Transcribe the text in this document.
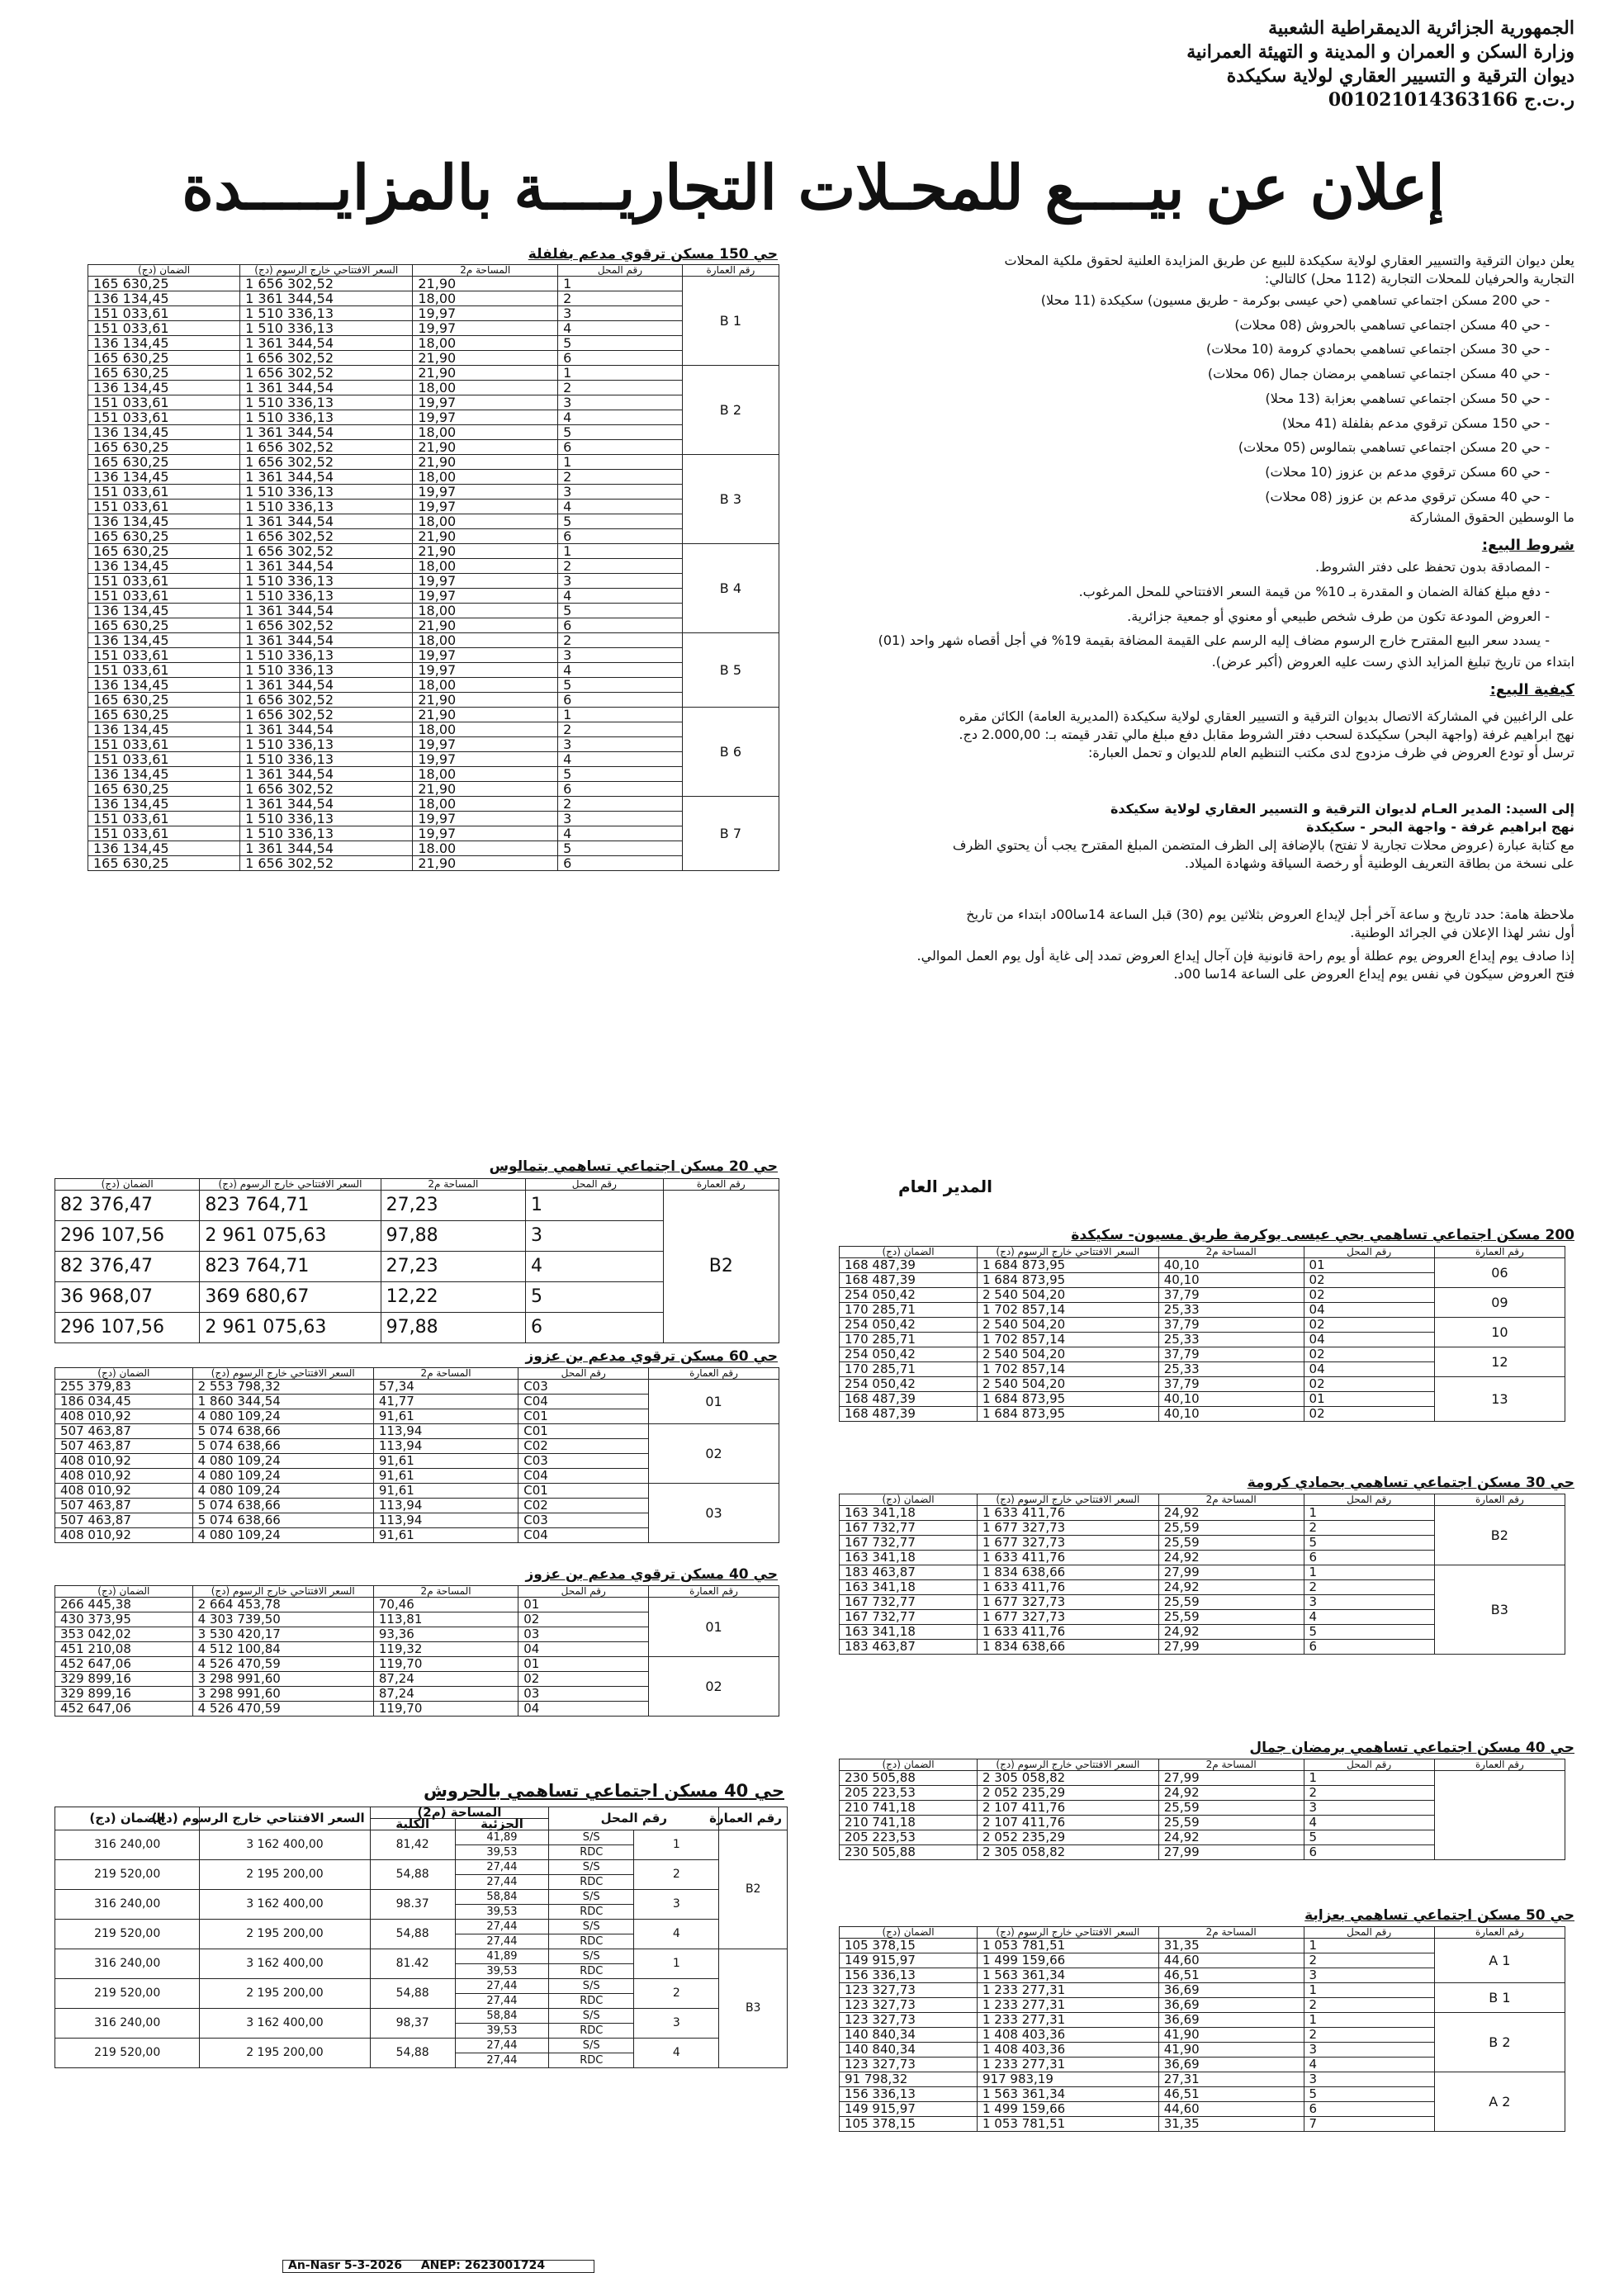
الجمهورية الجزائرية الديمقراطية الشعبية
وزارة السكن و العمران و المدينة و التهيئة العمرانية
ديوان الترقية و التسيير العقاري لولاية سكيكدة
ر.ت.ج 001021014363166
إعلان عن بيــــع للمحـلات التجاريــــة بالمزايـــــدة

يعلن ديوان الترقية والتسيير العقاري لولاية سكيكدة للبيع عن طريق المزايدة العلنية لحقوق ملكية المحلات

التجارية والحرفيان للمحلات التجارية (112 محل) كالتالي:

- حي 200 مسكن اجتماعي تساهمي (حي عيسى بوكرمة - طريق مسيون) سكيكدة (11 محلا)
- حي 40 مسكن اجتماعي تساهمي بالحروش (08 محلات)
- حي 30 مسكن اجتماعي تساهمي بحمادي كرومة (10 محلات)
- حي 40 مسكن اجتماعي تساهمي برمضان جمال (06 محلات)
- حي 50 مسكن اجتماعي تساهمي بعزابة (13 محلا)
- حي 150 مسكن ترقوي مدعم بفلفلة (41 محلا)
- حي 20 مسكن اجتماعي تساهمي بتمالوس (05 محلات)
- حي 60 مسكن ترقوي مدعم بن عزوز (10 محلات)
- حي 40 مسكن ترقوي مدعم بن عزوز (08 محلات)

ما الوسطين الحقوق المشاركة

شروط البيع:
- المصادقة بدون تحفظ على دفتر الشروط.
- دفع مبلغ كفالة الضمان و المقدرة بـ 10% من قيمة السعر الافتتاحي للمحل المرغوب.
- العروض المودعة تكون من طرف شخص طبيعي أو معنوي أو جمعية جزائرية.
- يسدد سعر البيع المقترح خارج الرسوم مضاف إليه الرسم على القيمة المضافة بقيمة 19% في أجل أقصاه شهر واحد (01)

ابتداء من تاريخ تبليغ المزايد الذي رست عليه العروض (أكبر عرض).

كيفية البيع:

على الراغبين في المشاركة الاتصال بديوان الترقية و التسيير العقاري لولاية سكيكدة (المديرية العامة) الكائن مقره

نهج ابراهيم غرفة (واجهة البحر) سكيكدة لسحب دفتر الشروط مقابل دفع مبلغ مالي تقدر قيمته بـ: 2.000,00 دج.

ترسل أو تودع العروض في ظرف مزدوج لدى مكتب التنظيم العام للديوان و تحمل العبارة:

إلى السيد: المدير العـام لديوان الترقية و التسيير العقاري لولاية سكيكدة

نهج ابراهيم غرفة - واجهة البحر - سكيكدة

مع كتابة عبارة (عروض محلات تجارية لا تفتح) بالإضافة إلى الظرف المتضمن المبلغ المقترح يجب أن يحتوي الظرف

على نسخة من بطاقة التعريف الوطنية أو رخصة السياقة وشهادة الميلاد.

ملاحظة هامة: حدد تاريخ و ساعة آخر أجل لإيداع العروض بثلاثين يوم (30) قبل الساعة 14سا00د ابتداء من تاريخ

أول نشر لهذا الإعلان في الجرائد الوطنية.

إذا صادف يوم إيداع العروض يوم عطلة أو يوم راحة قانونية فإن آجال إيداع العروض تمدد إلى غاية أول يوم العمل الموالي.

فتح العروض سيكون في نفس يوم إيداع العروض على الساعة 14سا 00د.

المدير العام
حي 150 مسكن ترقوي مدعم بفلفلة
الضمان (دج)	السعر الافتتاحي خارج الرسوم (دج)	المساحة م2	رقم المحل	رقم العمارة
165 630,25	1 656 302,52	21,90	1	B 1
136 134,45	1 361 344,54	18,00	2	
151 033,61	1 510 336,13	19,97	3	
151 033,61	1 510 336,13	19,97	4	
136 134,45	1 361 344,54	18,00	5	
165 630,25	1 656 302,52	21,90	6	
165 630,25	1 656 302,52	21,90	1	B 2
136 134,45	1 361 344,54	18,00	2	
151 033,61	1 510 336,13	19,97	3	
151 033,61	1 510 336,13	19,97	4	
136 134,45	1 361 344,54	18,00	5	
165 630,25	1 656 302,52	21,90	6	
165 630,25	1 656 302,52	21,90	1	B 3
136 134,45	1 361 344,54	18,00	2	
151 033,61	1 510 336,13	19,97	3	
151 033,61	1 510 336,13	19,97	4	
136 134,45	1 361 344,54	18,00	5	
165 630,25	1 656 302,52	21,90	6	
165 630,25	1 656 302,52	21,90	1	B 4
136 134,45	1 361 344,54	18,00	2	
151 033,61	1 510 336,13	19,97	3	
151 033,61	1 510 336,13	19,97	4	
136 134,45	1 361 344,54	18,00	5	
165 630,25	1 656 302,52	21,90	6	
136 134,45	1 361 344,54	18,00	2	B 5
151 033,61	1 510 336,13	19,97	3	
151 033,61	1 510 336,13	19,97	4	
136 134,45	1 361 344,54	18,00	5	
165 630,25	1 656 302,52	21,90	6	
165 630,25	1 656 302,52	21,90	1	B 6
136 134,45	1 361 344,54	18,00	2	
151 033,61	1 510 336,13	19,97	3	
151 033,61	1 510 336,13	19,97	4	
136 134,45	1 361 344,54	18,00	5	
165 630,25	1 656 302,52	21,90	6	
136 134,45	1 361 344,54	18,00	2	B 7
151 033,61	1 510 336,13	19,97	3	
151 033,61	1 510 336,13	19,97	4	
136 134,45	1 361 344,54	18.00	5	
165 630,25	1 656 302,52	21,90	6	
حي 20 مسكن اجتماعي تساهمي بتمالوس
الضمان (دج)	السعر الافتتاحي خارج الرسوم (دج)	المساحة م2	رقم المحل	رقم العمارة
82 376,47	823 764,71	27,23	1	B2
296 107,56	2 961 075,63	97,88	3	
82 376,47	823 764,71	27,23	4	
36 968,07	369 680,67	12,22	5	
296 107,56	2 961 075,63	97,88	6	
حي 60 مسكن ترقوي مدعم بن عزوز
الضمان (دج)	السعر الافتتاحي خارج الرسوم (دج)	المساحة م2	رقم المحل	رقم العمارة
255 379,83	2 553 798,32	57,34	C03	01
186 034,45	1 860 344,54	41,77	C04	
408 010,92	4 080 109,24	91,61	C01	
507 463,87	5 074 638,66	113,94	C01	02
507 463,87	5 074 638,66	113,94	C02	
408 010,92	4 080 109,24	91,61	C03	
408 010,92	4 080 109,24	91,61	C04	
408 010,92	4 080 109,24	91,61	C01	03
507 463,87	5 074 638,66	113,94	C02	
507 463,87	5 074 638,66	113,94	C03	
408 010,92	4 080 109,24	91,61	C04	
حي 40 مسكن ترقوي مدعم بن عزوز
الضمان (دج)	السعر الافتتاحي خارج الرسوم (دج)	المساحة م2	رقم المحل	رقم العمارة
266 445,38	2 664 453,78	70,46	01	01
430 373,95	4 303 739,50	113,81	02	
353 042,02	3 530 420,17	93,36	03	
451 210,08	4 512 100,84	119,32	04	
452 647,06	4 526 470,59	119,70	01	02
329 899,16	3 298 991,60	87,24	02	
329 899,16	3 298 991,60	87,24	03	
452 647,06	4 526 470,59	119,70	04	
حي 40 مسكن اجتماعي تساهمي بالحروش
الضمان (دج)	السعر الافتتاحي خارج الرسوم (دج)	المساحة (م2)		رقم المحل		رقم العمارة
		الكلية	الجزئية			
316 240,00	3 162 400,00	81,42	41,89	S/S	1	B2
			39,53	RDC		
219 520,00	2 195 200,00	54,88	27,44	S/S	2	
			27,44	RDC		
316 240,00	3 162 400,00	98.37	58,84	S/S	3	
			39,53	RDC		
219 520,00	2 195 200,00	54,88	27,44	S/S	4	
			27,44	RDC		
316 240,00	3 162 400,00	81.42	41,89	S/S	1	B3
			39,53	RDC		
219 520,00	2 195 200,00	54,88	27,44	S/S	2	
			27,44	RDC		
316 240,00	3 162 400,00	98,37	58,84	S/S	3	
			39,53	RDC		
219 520,00	2 195 200,00	54,88	27,44	S/S	4	
			27,44	RDC		
200 مسكن اجتماعي تساهمي بحي عيسى بوكرمة طريق مسيون- سكيكدة
الضمان (دج)	السعر الافتتاحي خارج الرسوم (دج)	المساحة م2	رقم المحل	رقم العمارة
168 487,39	1 684 873,95	40,10	01	06
168 487,39	1 684 873,95	40,10	02	
254 050,42	2 540 504,20	37,79	02	09
170 285,71	1 702 857,14	25,33	04	
254 050,42	2 540 504,20	37,79	02	10
170 285,71	1 702 857,14	25,33	04	
254 050,42	2 540 504,20	37,79	02	12
170 285,71	1 702 857,14	25,33	04	
254 050,42	2 540 504,20	37,79	02	13
168 487,39	1 684 873,95	40,10	01	
168 487,39	1 684 873,95	40,10	02	
حي 30 مسكن اجتماعي تساهمي بحمادي كرومة
الضمان (دج)	السعر الافتتاحي خارج الرسوم (دج)	المساحة م2	رقم المحل	رقم العمارة
163 341,18	1 633 411,76	24,92	1	B2
167 732,77	1 677 327,73	25,59	2	
167 732,77	1 677 327,73	25,59	5	
163 341,18	1 633 411,76	24,92	6	
183 463,87	1 834 638,66	27,99	1	B3
163 341,18	1 633 411,76	24,92	2	
167 732,77	1 677 327,73	25,59	3	
167 732,77	1 677 327,73	25,59	4	
163 341,18	1 633 411,76	24,92	5	
183 463,87	1 834 638,66	27,99	6	
حي 40 مسكن اجتماعي تساهمي برمضان جمال
الضمان (دج)	السعر الافتتاحي خارج الرسوم (دج)	المساحة م2	رقم المحل	رقم العمارة
230 505,88	2 305 058,82	27,99	1	
205 223,53	2 052 235,29	24,92	2	
210 741,18	2 107 411,76	25,59	3	
210 741,18	2 107 411,76	25,59	4	
205 223,53	2 052 235,29	24,92	5	
230 505,88	2 305 058,82	27,99	6	
حي 50 مسكن اجتماعي تساهمي بعزابة
الضمان (دج)	السعر الافتتاحي خارج الرسوم (دج)	المساحة م2	رقم المحل	رقم العمارة
105 378,15	1 053 781,51	31,35	1	A 1
149 915,97	1 499 159,66	44,60	2	
156 336,13	1 563 361,34	46,51	3	
123 327,73	1 233 277,31	36,69	1	B 1
123 327,73	1 233 277,31	36,69	2	
123 327,73	1 233 277,31	36,69	1	B 2
140 840,34	1 408 403,36	41,90	2	
140 840,34	1 408 403,36	41,90	3	
123 327,73	1 233 277,31	36,69	4	
91 798,32	917 983,19	27,31	3	A 2
156 336,13	1 563 361,34	46,51	5	
149 915,97	1 499 159,66	44,60	6	
105 378,15	1 053 781,51	31,35	7	
An-Nasr 5-3-2026 ANEP: 2623001724
